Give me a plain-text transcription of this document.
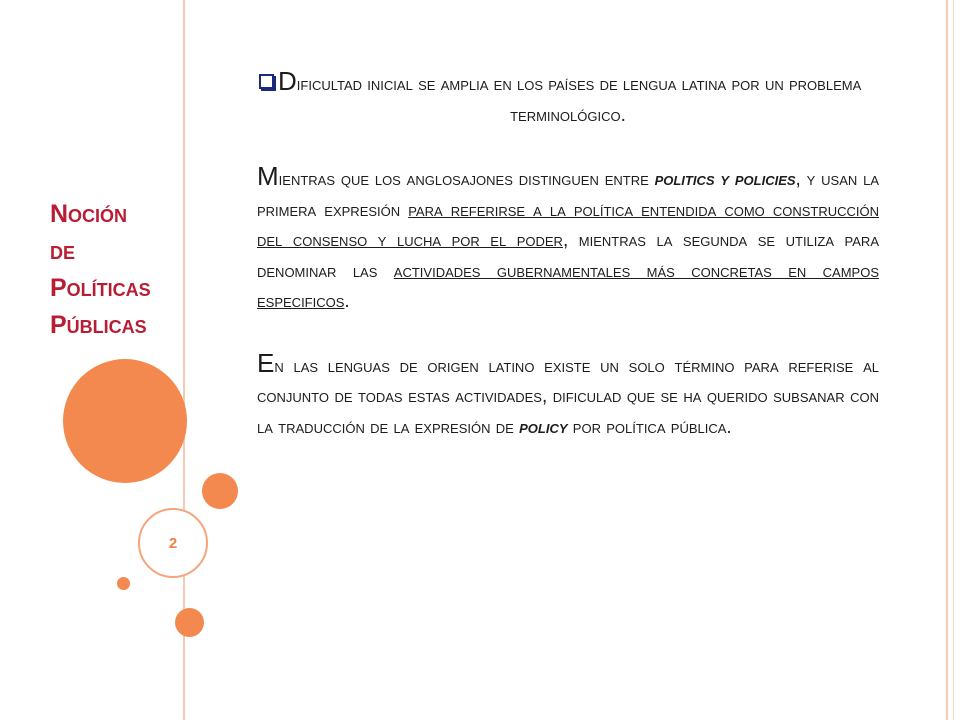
2
Noción
de
Políticas
Públicas

Dificultad inicial se amplia en los países de lengua latina por un problema

terminológico.

Mientras que los anglosajones distinguen entre politics y policies, y usan la primera expresión para referirse a la política entendida como construcción del consenso y lucha por el poder, mientras la segunda se utiliza para denominar las actividades gubernamentales más concretas en campos especificos.

En las lenguas de origen latino existe un solo término para referise al conjunto de todas estas actividades, dificulad que se ha querido subsanar con la traducción de la expresión de policy por política pública.
